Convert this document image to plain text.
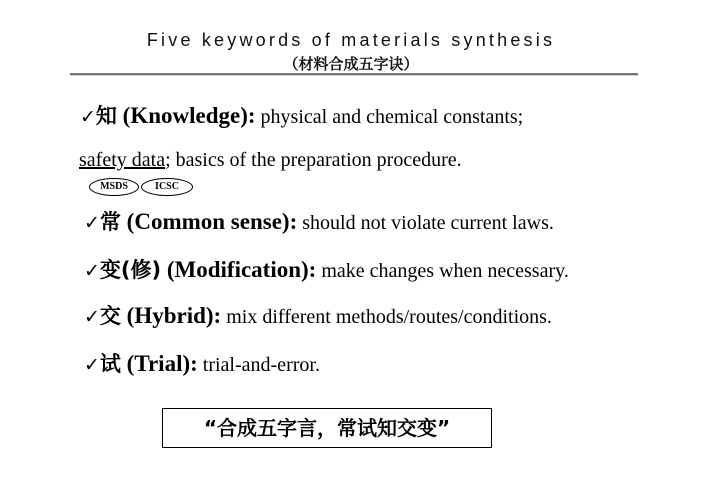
Five keywords of materials synthesis
（材料合成五字诀）
✓知 (Knowledge): physical and chemical constants;
safety data; basics of the preparation procedure.
MSDS	ICSC
✓常 (Common sense): should not violate current laws.
✓变(修) (Modification): make changes when necessary.
✓交 (Hybrid): mix different methods/routes/conditions.
✓试 (Trial): trial-and-error.
“合成五字言，常试知交变”
